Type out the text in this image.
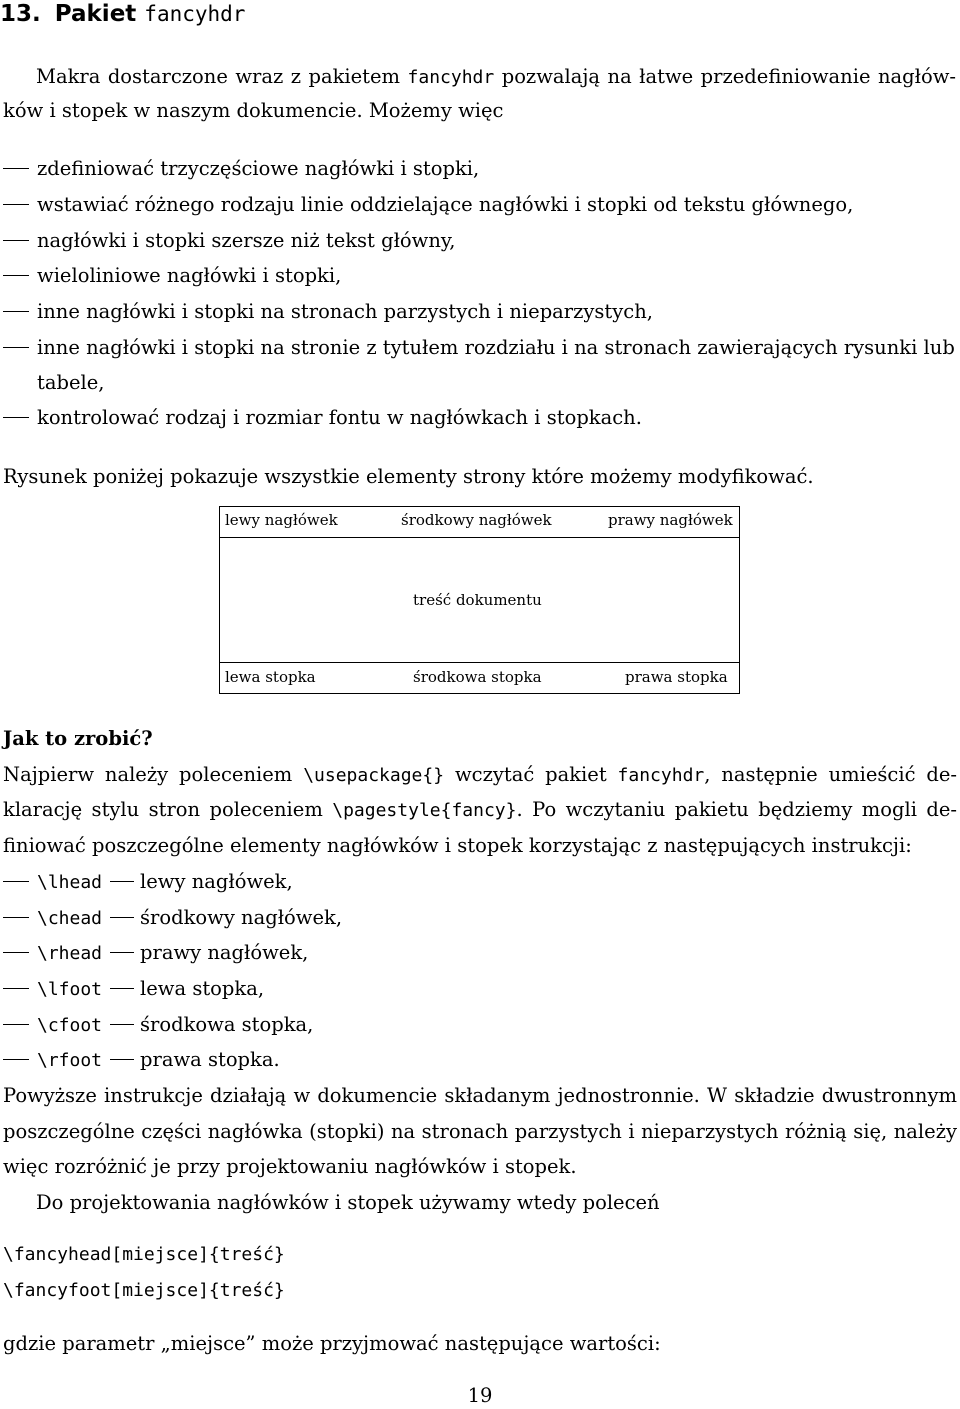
13. Pakiet fancyhdr
Makra dostarczone wraz z pakietem fancyhdr pozwalają na łatwe przedefiniowanie nagłów-
ków i stopek w naszym dokumencie. Możemy więc
zdefiniować trzyczęściowe nagłówki i stopki,
wstawiać różnego rodzaju linie oddzielające nagłówki i stopki od tekstu głównego,
nagłówki i stopki szersze niż tekst główny,
wieloliniowe nagłówki i stopki,
inne nagłówki i stopki na stronach parzystych i nieparzystych,
inne nagłówki i stopki na stronie z tytułem rozdziału i na stronach zawierających rysunki lub
tabele,
kontrolować rodzaj i rozmiar fontu w nagłówkach i stopkach.
Rysunek poniżej pokazuje wszystkie elementy strony które możemy modyfikować.
lewy nagłówek	środkowy nagłówek	prawy nagłówek
treść dokumentu
lewa stopka	środkowa stopka	prawa stopka
Jak to zrobić?
Najpierw należy poleceniem \usepackage{} wczytać pakiet fancyhdr, następnie umieścić de-
klarację stylu stron poleceniem \pagestyle{fancy}. Po wczytaniu pakietu będziemy mogli de-
finiować poszczególne elementy nagłówków i stopek korzystając z następujących instrukcji:
\lhead lewy nagłówek,
\chead środkowy nagłówek,
\rhead prawy nagłówek,
\lfoot lewa stopka,
\cfoot środkowa stopka,
\rfoot prawa stopka.
Powyższe instrukcje działają w dokumencie składanym jednostronnie. W składzie dwustronnym
poszczególne części nagłówka (stopki) na stronach parzystych i nieparzystych różnią się, należy
więc rozróżnić je przy projektowaniu nagłówków i stopek.
Do projektowania nagłówków i stopek używamy wtedy poleceń
\fancyhead[miejsce]{treść}
\fancyfoot[miejsce]{treść}
gdzie parametr „miejsce” może przyjmować następujące wartości:
19
